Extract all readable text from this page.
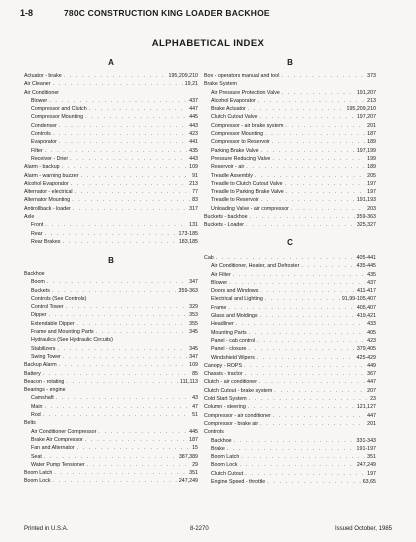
1-8	780C CONSTRUCTION KING LOADER BACKHOE
ALPHABETICAL INDEX
A
Actuator - brake . . .	195,209,210
Air Cleaner . . .	19,21
Air Conditioner
Blower . . .	437
Compressor and Clutch . . .	447
Compressor Mounting . . .	445
Condenser . . .	443
Controls . . .	423
Evaporator . . .	441
Filter . . .	435
Receiver - Drier . . .	443
Alarm - backup . . .	109
Alarm - warning buzzer . . .	91
Alcohol Evaporator . . .	213
Alternator - electrical . . .	77
Alternator Mounting . . .	83
Antirollback - loader . . .	317
Axle
Front . . .	131
Rear . . .	173-185
Rear Brakes . . .	183,185
B
Backhoe
Boom . . .	347
Buckets . . .	359-363
Controls (See Controls)
Control Tower . . .	329
Dipper . . .	353
Extendable Dipper . . .	355
Frame and Mounting Parts . . .	345
Hydraulics (See Hydraulic Circuits)
Stabilizers . . .	345
Swing Tower . . .	347
Backup Alarm . . .	109
Battery . . .	85
Beacon - rotating . . .	111,113
Bearings - engine
Camshaft . . .	43
Main . . .	47
Rod . . .	51
Belts
Air Conditioner Compressor . . .	445
Brake Air Compressor . . .	187
Fan and Alternator . . .	15
Seat . . .	387,389
Water Pump Tensioner . . .	29
Boom Latch . . .	351
Boom Lock . . .	247,249
B
Box - operators manual and tool . . .	373
Brake System
Air Pressure Protection Valve . . .	191,207
Alcohol Evaporator . . .	213
Brake Actuator . . .	195,209,210
Clutch Cutout Valve . . .	197,207
Compressor - air brake system . . .	201
Compressor Mounting . . .	187
Compressor to Reservoir . . .	189
Parking Brake Valve . . .	197,199
Pressure Reducing Valve . . .	199
Reservoir - air . . .	189
Treadle Assembly . . .	205
Treadle to Clutch Cutout Valve . . .	197
Treadle to Parking Brake Valve . . .	197
Treadle to Reservoir . . .	191,193
Unloading Valve - air compressor . . .	203
Buckets - backhoe . . .	359-363
Buckets - Loader . . .	325,327
C
Cab . . .	405-441
Air Conditioner, Heater, and Defroster . . .	435-445
Air Filter . . .	435
Blower . . .	437
Doors and Windows . . .	411-417
Electrical and Lighting . . .	91,99-105,407
Frame . . .	405,407
Glass and Moldings . . .	419,421
Headliner . . .	433
Mounting Parts . . .	405
Panel - cab control . . .	423
Panel - closure . . .	379,405
Windshield Wipers . . .	425-429
Canopy - ROPS . . .	449
Chassis - tractor . . .	367
Clutch - air conditioner . . .	447
Clutch Cutout - brake system . . .	207
Cold Start System . . .	23
Column - steering . . .	121,127
Compressor - air conditioner . . .	447
Compressor - brake air . . .	201
Controls
Backhoe . . .	331-343
Brake . . .	191-197
Boom Latch . . .	351
Boom Lock . . .	247,249
Clutch Cutout . . .	197
Engine Speed - throttle . . .	63,65
Printed in U.S.A.	8-2270	Issued October, 1985
